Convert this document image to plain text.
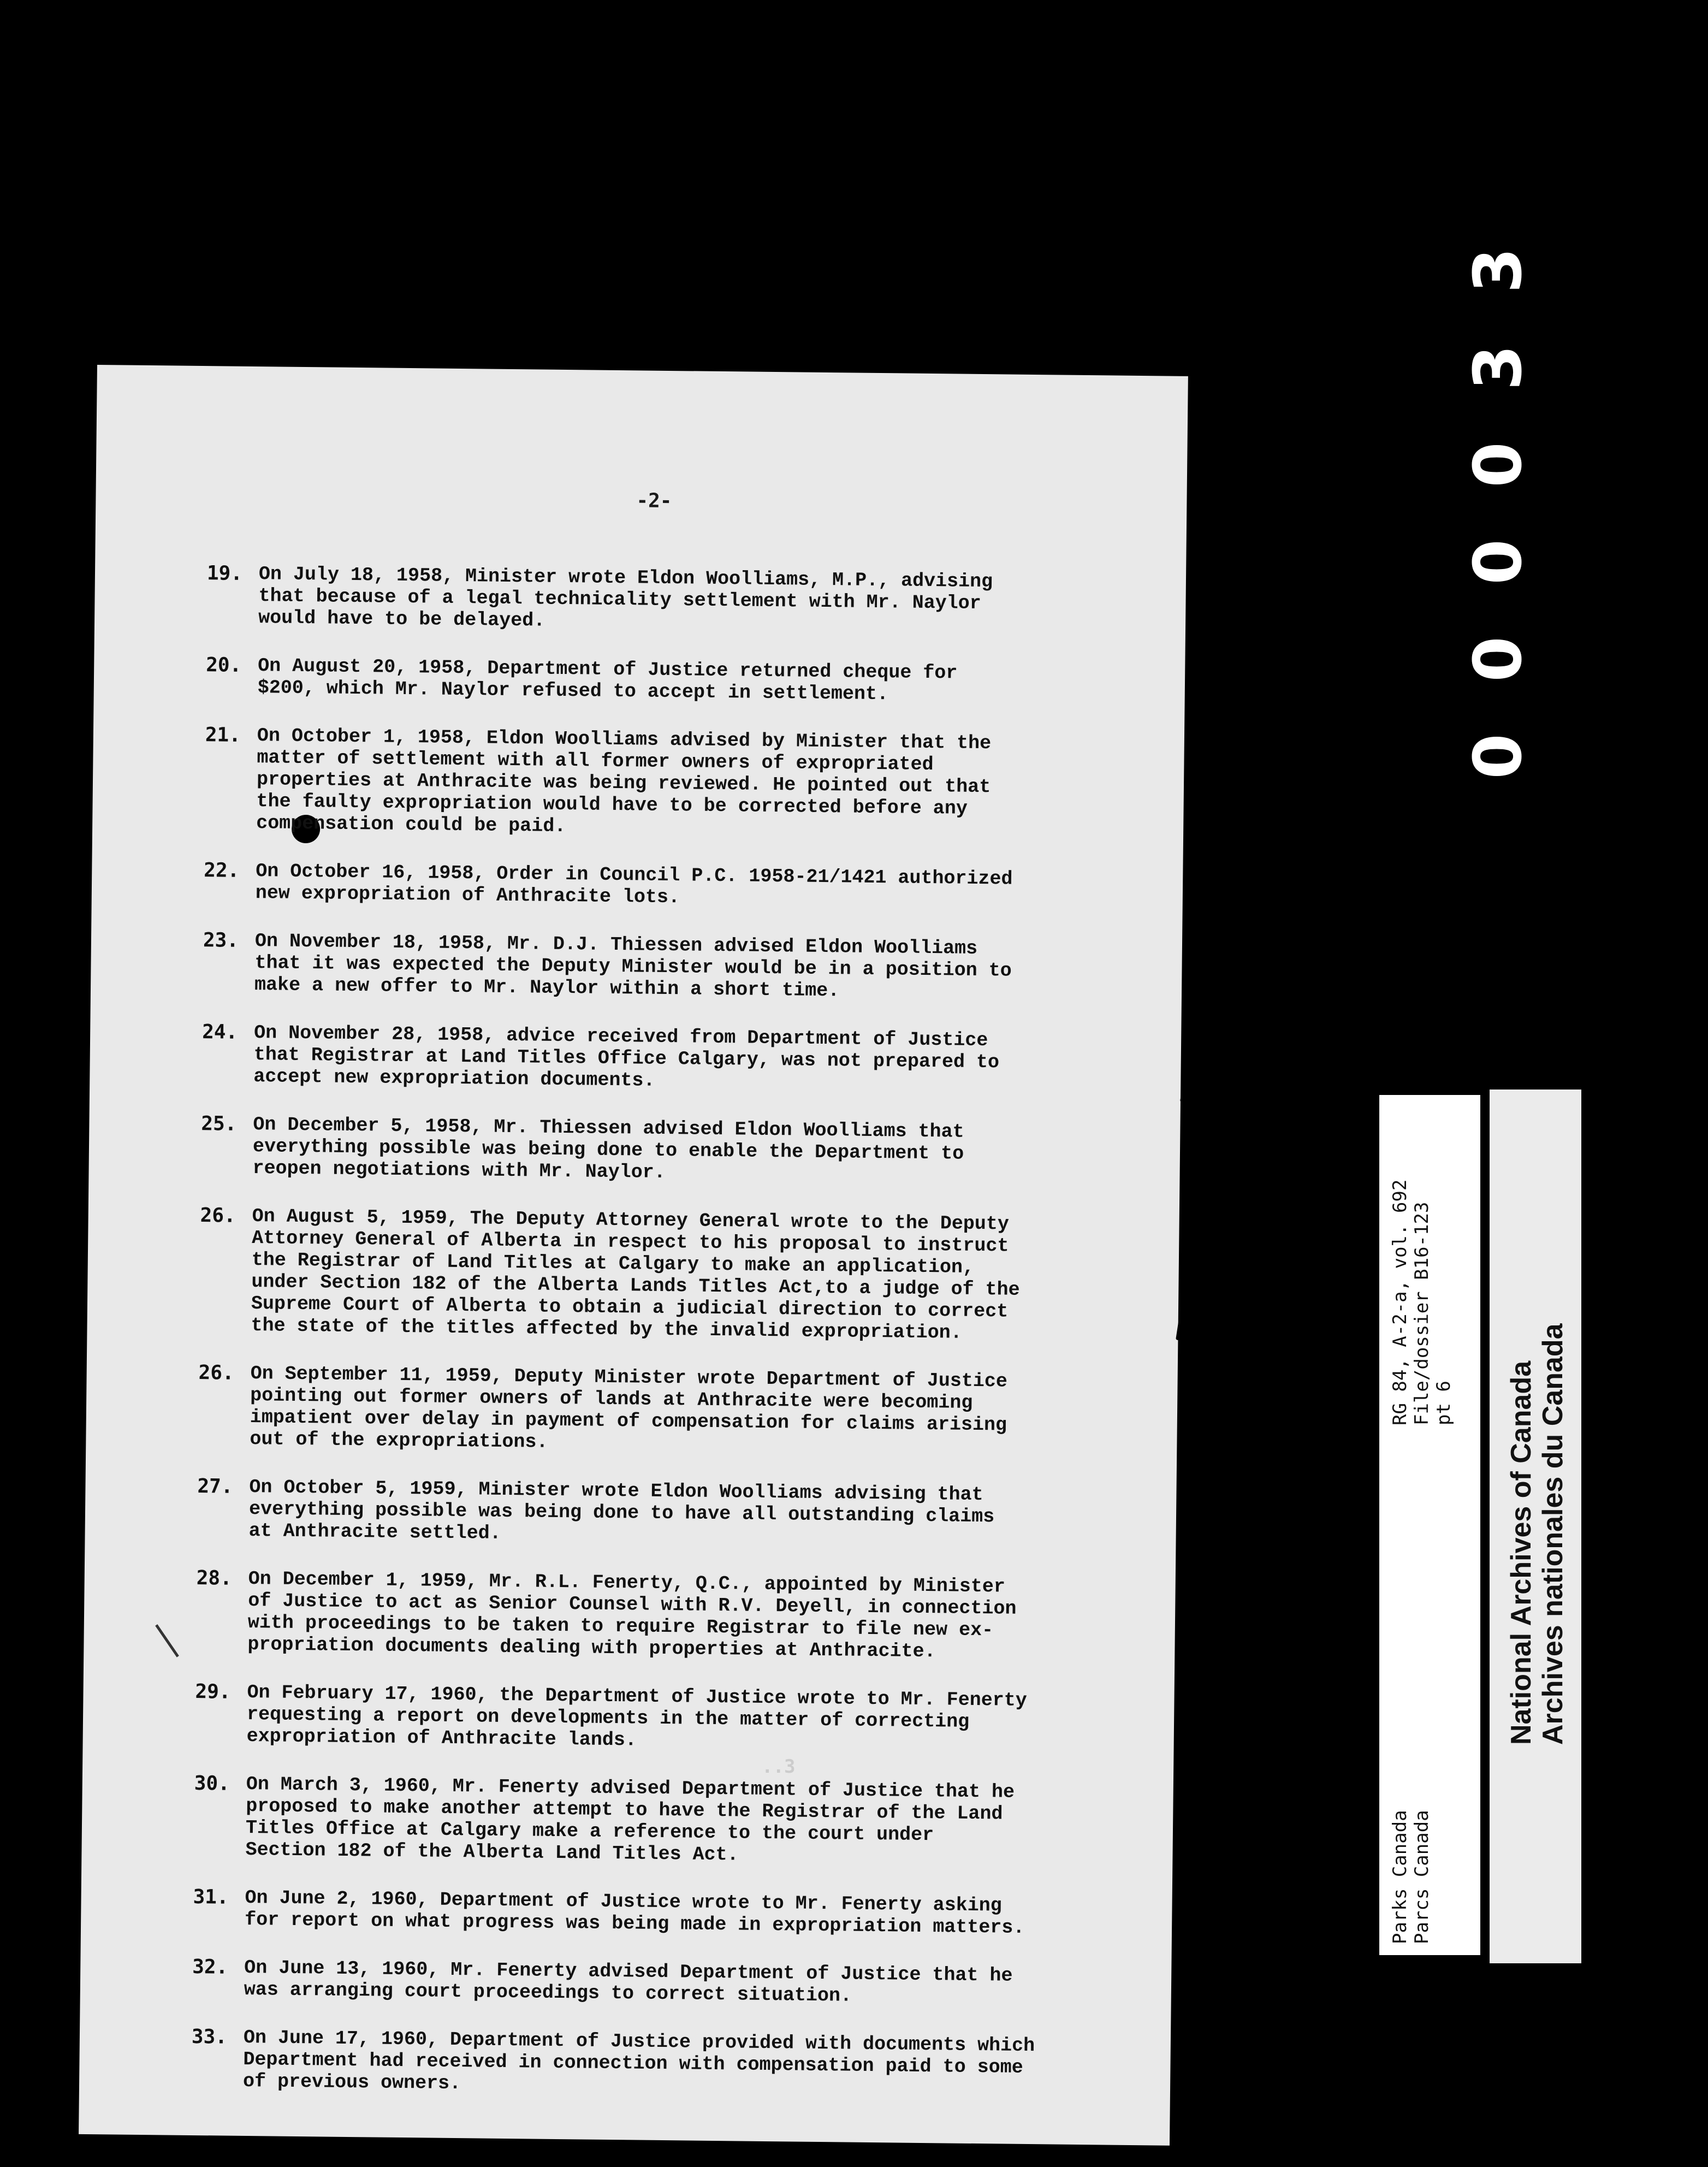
-2-
19. On July 18, 1958, Minister wrote Eldon Woolliams, M.P., advising
that because of a legal technicality settlement with Mr. Naylor
would have to be delayed.
20. On August 20, 1958, Department of Justice returned cheque for
$200, which Mr. Naylor refused to accept in settlement.
21. On October 1, 1958, Eldon Woolliams advised by Minister that the
matter of settlement with all former owners of expropriated
properties at Anthracite was being reviewed. He pointed out that
the faulty expropriation would have to be corrected before any
compensation could be paid.
22. On October 16, 1958, Order in Council P.C. 1958-21/1421 authorized
new expropriation of Anthracite lots.
23. On November 18, 1958, Mr. D.J. Thiessen advised Eldon Woolliams
that it was expected the Deputy Minister would be in a position to
make a new offer to Mr. Naylor within a short time.
24. On November 28, 1958, advice received from Department of Justice
that Registrar at Land Titles Office Calgary, was not prepared to
accept new expropriation documents.
25. On December 5, 1958, Mr. Thiessen advised Eldon Woolliams that
everything possible was being done to enable the Department to
reopen negotiations with Mr. Naylor.
26. On August 5, 1959, The Deputy Attorney General wrote to the Deputy
Attorney General of Alberta in respect to his proposal to instruct
the Registrar of Land Titles at Calgary to make an application,
under Section 182 of the Alberta Lands Titles Act,to a judge of the
Supreme Court of Alberta to obtain a judicial direction to correct
the state of the titles affected by the invalid expropriation.
26. On September 11, 1959, Deputy Minister wrote Department of Justice
pointing out former owners of lands at Anthracite were becoming
impatient over delay in payment of compensation for claims arising
out of the expropriations.
27. On October 5, 1959, Minister wrote Eldon Woolliams advising that
everything possible was being done to have all outstanding claims
at Anthracite settled.
28. On December 1, 1959, Mr. R.L. Fenerty, Q.C., appointed by Minister
of Justice to act as Senior Counsel with R.V. Deyell, in connection
with proceedings to be taken to require Registrar to file new ex-
propriation documents dealing with properties at Anthracite.
29. On February 17, 1960, the Department of Justice wrote to Mr. Fenerty
requesting a report on developments in the matter of correcting
expropriation of Anthracite lands.
30. On March 3, 1960, Mr. Fenerty advised Department of Justice that he
proposed to make another attempt to have the Registrar of the Land
Titles Office at Calgary make a reference to the court under
Section 182 of the Alberta Land Titles Act.
31. On June 2, 1960, Department of Justice wrote to Mr. Fenerty asking
for report on what progress was being made in expropriation matters.
32. On June 13, 1960, Mr. Fenerty advised Department of Justice that he
was arranging court proceedings to correct situation.
33. On June 17, 1960, Department of Justice provided with documents which
Department had received in connection with compensation paid to some
of previous owners.
..3
3
3
0
0
0
0
Parks Canada Parcs Canada
RG 84, A-2-a, vol. 692 File/dossier B16-123 pt 6 National Archives of Canada Archives nationales du Canada
